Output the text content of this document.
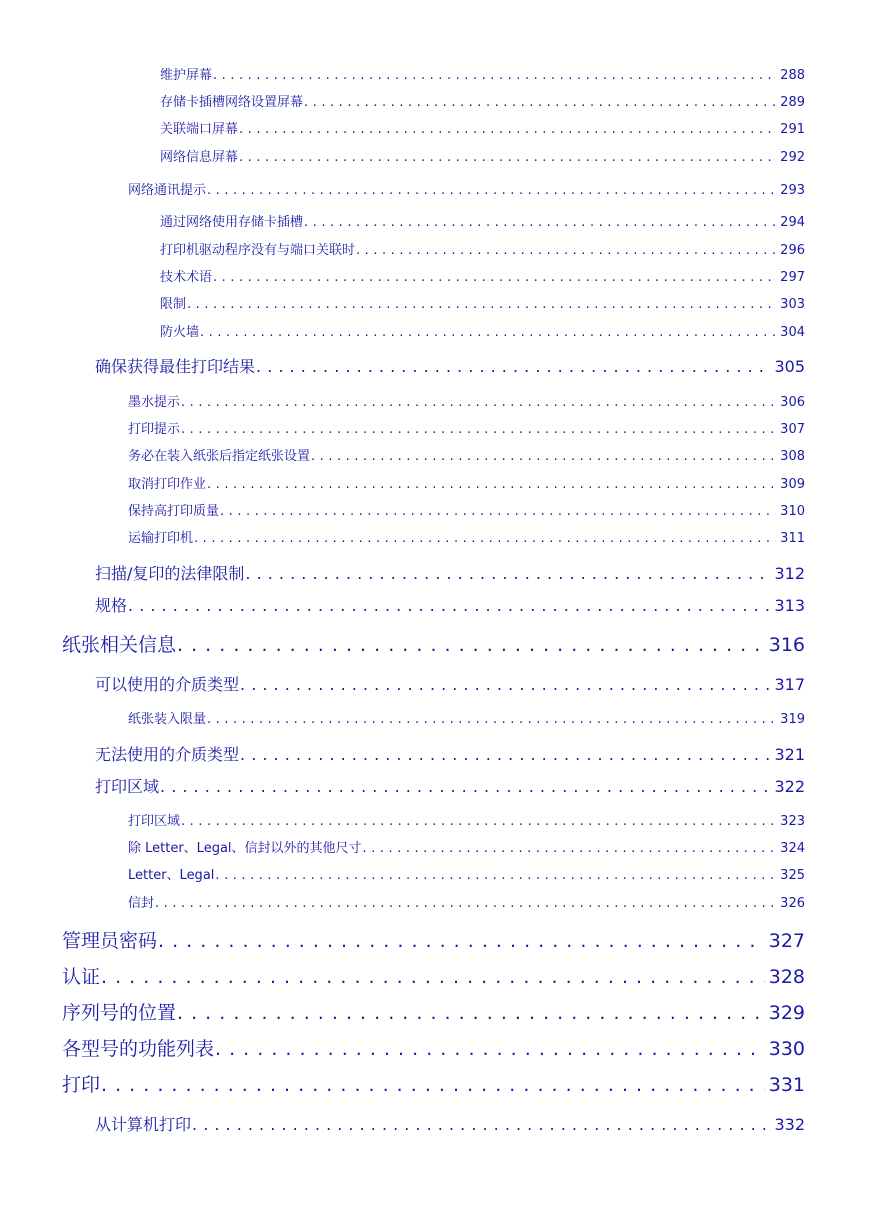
维护屏幕 . . .	288
存储卡插槽网络设置屏幕 . . .	289
关联端口屏幕 . . .	291
网络信息屏幕 . . .	292
网络通讯提示 . . .	293
通过网络使用存储卡插槽 . . .	294
打印机驱动程序没有与端口关联时 . . .	296
技术术语 . . .	297
限制 . . .	303
防火墙 . . .	304
确保获得最佳打印结果 . . .	305
墨水提示 . . .	306
打印提示 . . .	307
务必在装入纸张后指定纸张设置 . . .	308
取消打印作业 . . .	309
保持高打印质量 . . .	310
运输打印机 . . .	311
扫描/复印的法律限制 . . .	312
规格 . . .	313
纸张相关信息 . . .	316
可以使用的介质类型 . . .	317
纸张装入限量 . . .	319
无法使用的介质类型 . . .	321
打印区域 . . .	322
打印区域 . . .	323
除 Letter、Legal、信封以外的其他尺寸 . . .	324
Letter、Legal . . .	325
信封 . . .	326
管理员密码 . . .	327
认证 . . .	328
序列号的位置 . . .	329
各型号的功能列表 . . .	330
打印 . . .	331
从计算机打印 . . .	332
